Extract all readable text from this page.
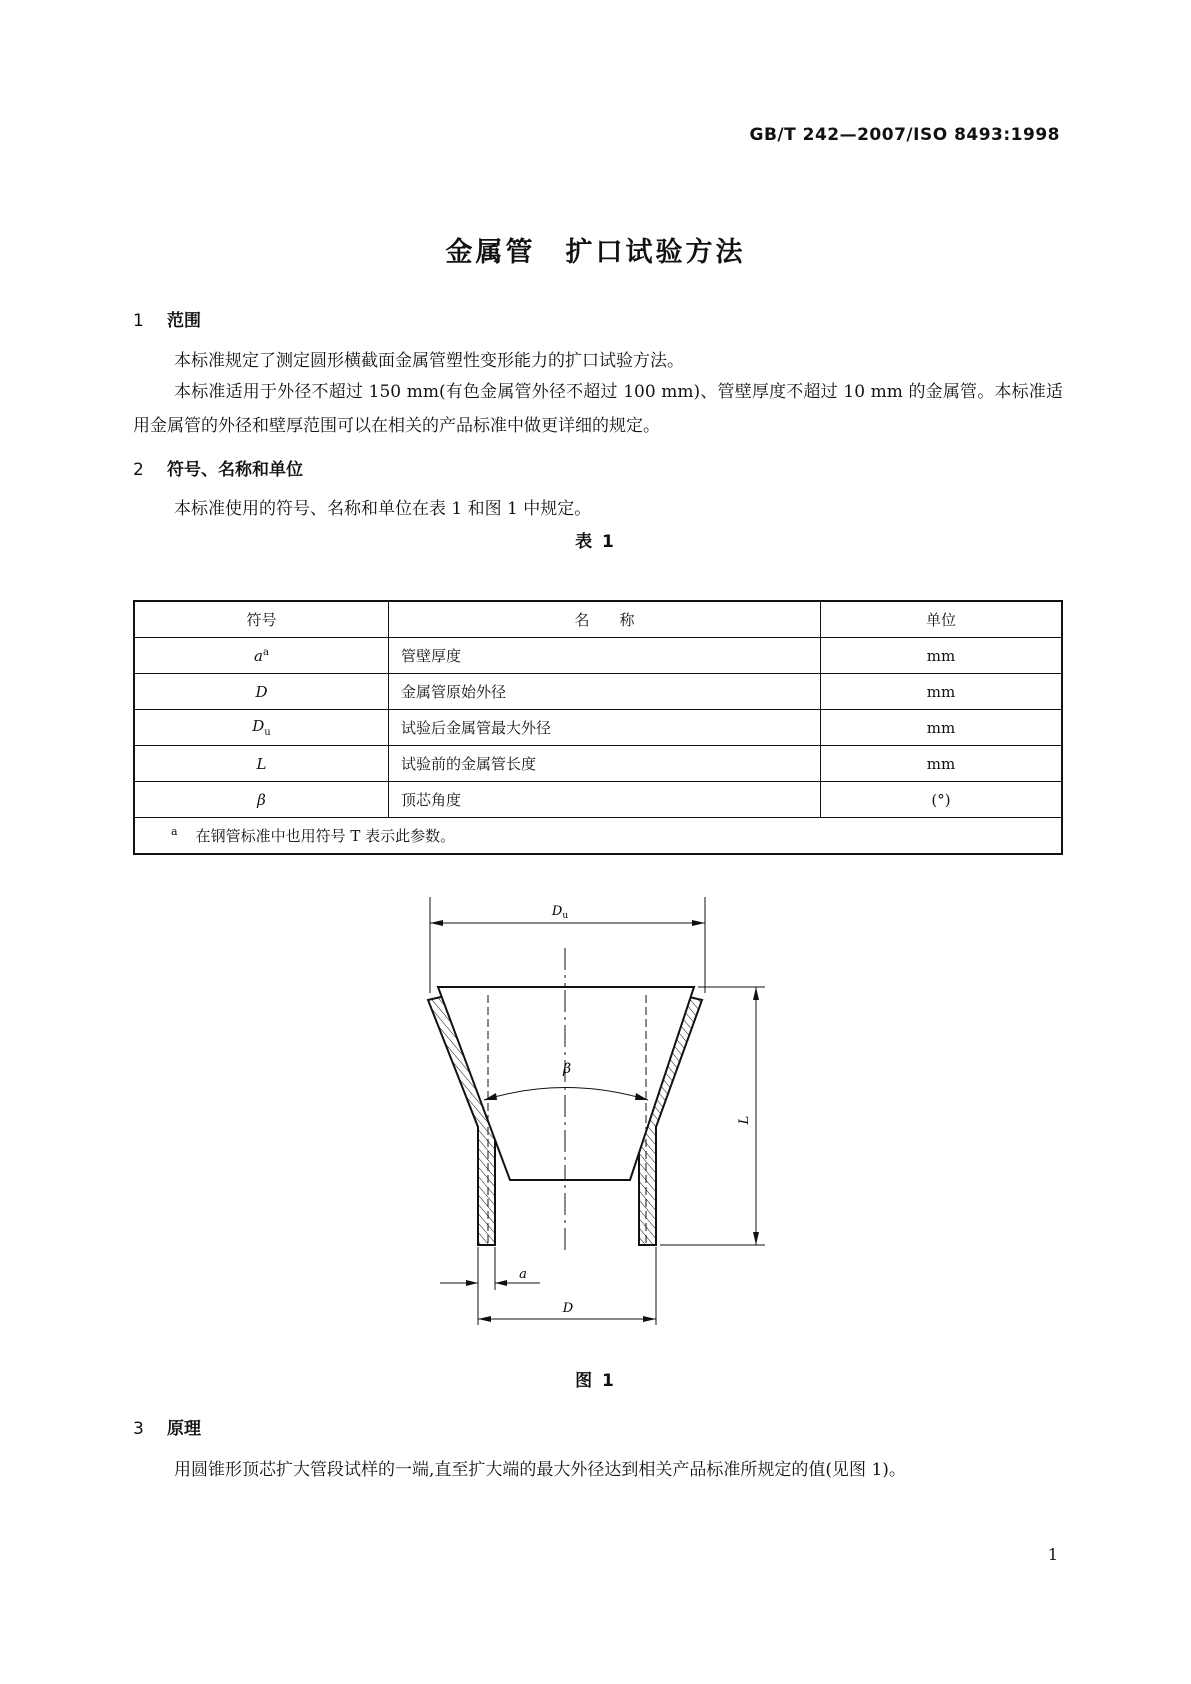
GB/T 242—2007/ISO 8493:1998
金属管　扩口试验方法
1 范围
本标准规定了测定圆形横截面金属管塑性变形能力的扩口试验方法。
本标准适用于外径不超过 150 mm(有色金属管外径不超过 100 mm)、管壁厚度不超过 10 mm 的金属管。本标准适用金属管的外径和壁厚范围可以在相关的产品标准中做更详细的规定。
2 符号、名称和单位
本标准使用的符号、名称和单位在表 1 和图 1 中规定。
表 1
符号	名　　称	单位
$a^a$	管壁厚度	mm
D	金属管原始外径	mm
$D_u$	试验后金属管最大外径	mm
L	试验前的金属管长度	mm
β	顶芯角度	(°)
$^a$ 在钢管标准中也用符号 T 表示此参数。		
$D_u$
β
L
a
D
图 1
3 原理
用圆锥形顶芯扩大管段试样的一端,直至扩大端的最大外径达到相关产品标准所规定的值(见图 1)。
1
